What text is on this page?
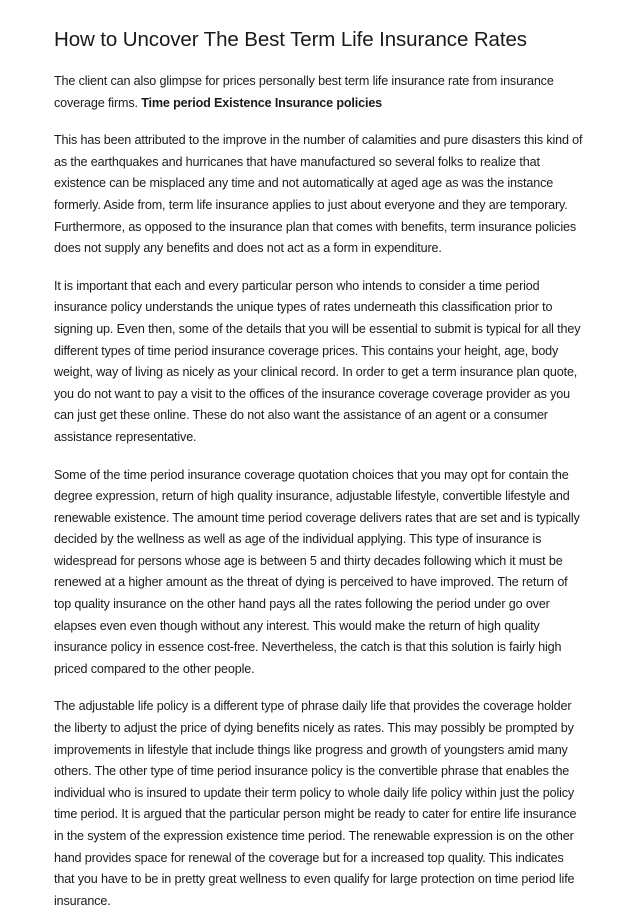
How to Uncover The Best Term Life Insurance Rates

The client can also glimpse for prices personally best term life insurance rate from insurance coverage firms. Time period Existence Insurance policies

This has been attributed to the improve in the number of calamities and pure disasters this kind of as the earthquakes and hurricanes that have manufactured so several folks to realize that existence can be misplaced any time and not automatically at aged age as was the instance formerly. Aside from, term life insurance applies to just about everyone and they are temporary. Furthermore, as opposed to the insurance plan that comes with benefits, term insurance policies does not supply any benefits and does not act as a form in expenditure.

It is important that each and every particular person who intends to consider a time period insurance policy understands the unique types of rates underneath this classification prior to signing up. Even then, some of the details that you will be essential to submit is typical for all they different types of time period insurance coverage prices. This contains your height, age, body weight, way of living as nicely as your clinical record. In order to get a term insurance plan quote, you do not want to pay a visit to the offices of the insurance coverage coverage provider as you can just get these online. These do not also want the assistance of an agent or a consumer assistance representative.

Some of the time period insurance coverage quotation choices that you may opt for contain the degree expression, return of high quality insurance, adjustable lifestyle, convertible lifestyle and renewable existence. The amount time period coverage delivers rates that are set and is typically decided by the wellness as well as age of the individual applying. This type of insurance is widespread for persons whose age is between 5 and thirty decades following which it must be renewed at a higher amount as the threat of dying is perceived to have improved. The return of top quality insurance on the other hand pays all the rates following the period under go over elapses even even though without any interest. This would make the return of high quality insurance policy in essence cost-free. Nevertheless, the catch is that this solution is fairly high priced compared to the other people.

The adjustable life policy is a different type of phrase daily life that provides the coverage holder the liberty to adjust the price of dying benefits nicely as rates. This may possibly be prompted by improvements in lifestyle that include things like progress and growth of youngsters amid many others. The other type of time period insurance policy is the convertible phrase that enables the individual who is insured to update their term policy to whole daily life policy within just the policy time period. It is argued that the particular person might be ready to cater for entire life insurance in the system of the expression existence time period. The renewable expression is on the other hand provides space for renewal of the coverage but for a increased top quality. This indicates that you have to be in pretty great wellness to even qualify for large protection on time period life insurance.
